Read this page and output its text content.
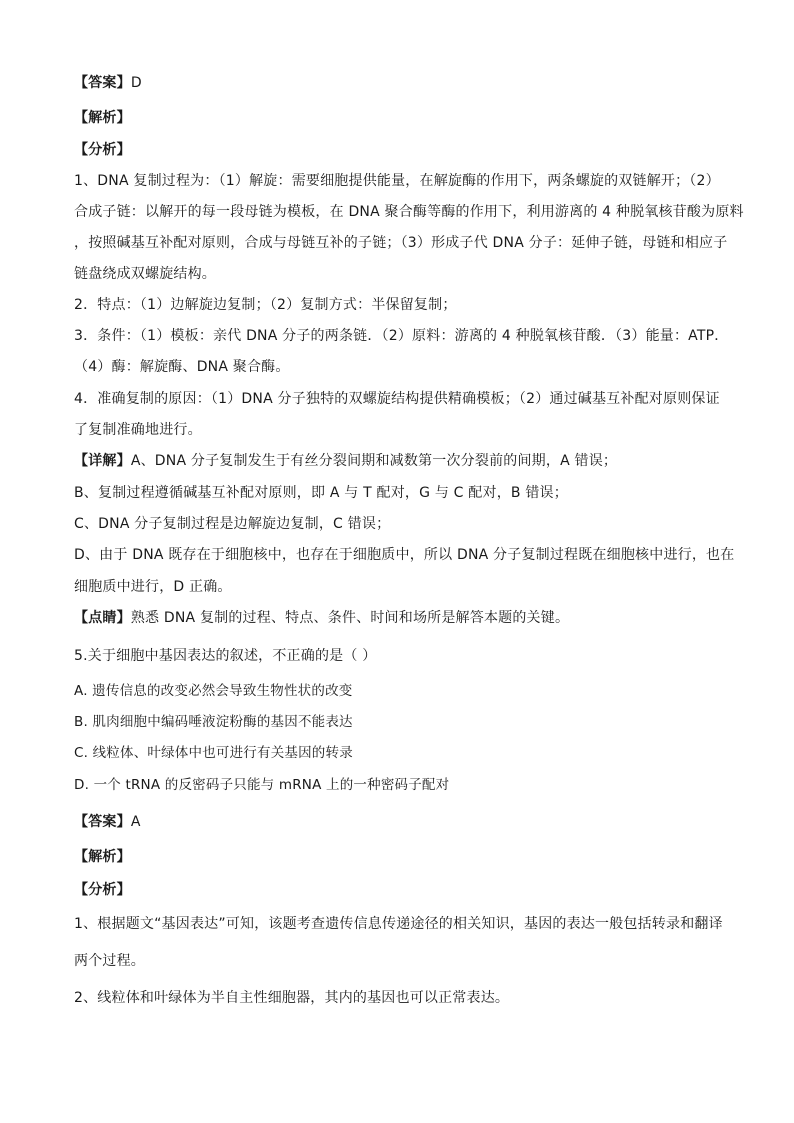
【答案】D
【解析】
【分析】
1、DNA 复制过程为：（1）解旋：需要细胞提供能量，在解旋酶的作用下，两条螺旋的双链解开；（2）
合成子链：以解开的每一段母链为模板，在 DNA 聚合酶等酶的作用下，利用游离的 4 种脱氧核苷酸为原料
，按照碱基互补配对原则，合成与母链互补的子链；（3）形成子代 DNA 分子：延伸子链，母链和相应子
链盘绕成双螺旋结构。
2．特点：（1）边解旋边复制；（2）复制方式：半保留复制；
3．条件：（1）模板：亲代 DNA 分子的两条链．（2）原料：游离的 4 种脱氧核苷酸．（3）能量：ATP．
（4）酶：解旋酶、DNA 聚合酶。
4．准确复制的原因：（1）DNA 分子独特的双螺旋结构提供精确模板；（2）通过碱基互补配对原则保证
了复制准确地进行。
【详解】A、DNA 分子复制发生于有丝分裂间期和减数第一次分裂前的间期，A 错误；
B、复制过程遵循碱基互补配对原则，即 A 与 T 配对，G 与 C 配对，B 错误；
C、DNA 分子复制过程是边解旋边复制，C 错误；
D、由于 DNA 既存在于细胞核中，也存在于细胞质中，所以 DNA 分子复制过程既在细胞核中进行，也在
细胞质中进行，D 正确。
【点睛】熟悉 DNA 复制的过程、特点、条件、时间和场所是解答本题的关键。
5.关于细胞中基因表达的叙述，不正确的是（ ）
A. 遗传信息的改变必然会导致生物性状的改变
B. 肌肉细胞中编码唾液淀粉酶的基因不能表达
C. 线粒体、叶绿体中也可进行有关基因的转录
D. 一个 tRNA 的反密码子只能与 mRNA 上的一种密码子配对
【答案】A
【解析】
【分析】
1、根据题文“基因表达”可知，该题考查遗传信息传递途径的相关知识，基因的表达一般包括转录和翻译
两个过程。
2、线粒体和叶绿体为半自主性细胞器，其内的基因也可以正常表达。
